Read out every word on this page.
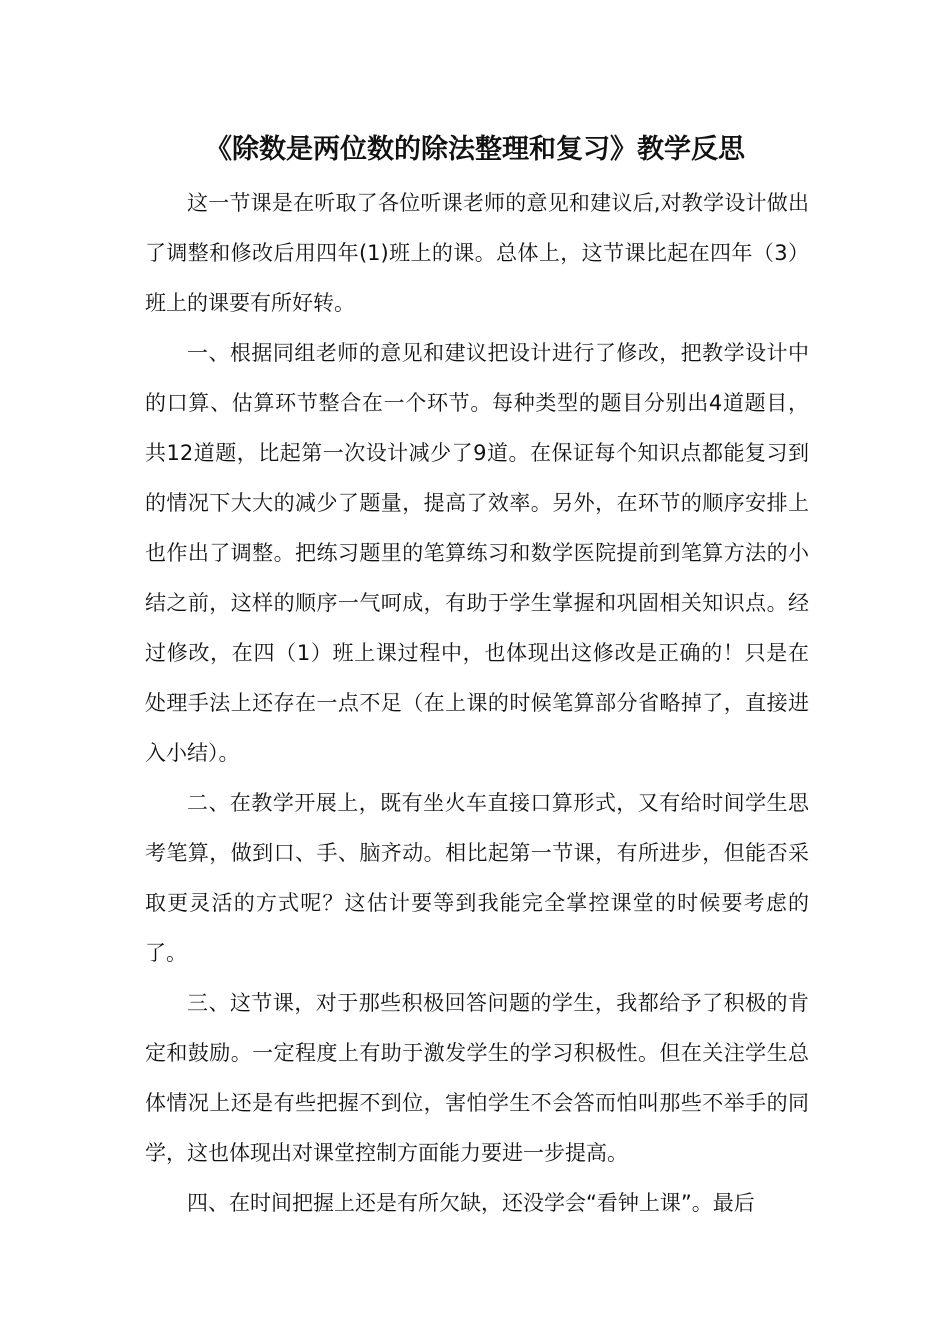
《除数是两位数的除法整理和复习》教学反思

这一节课是在听取了各位听课老师的意见和建议后,对教学设计做出了调整和修改后用四年(1)班上的课。总体上，这节课比起在四年（3）班上的课要有所好转。

一、根据同组老师的意见和建议把设计进行了修改，把教学设计中的口算、估算环节整合在一个环节。每种类型的题目分别出4道题目，共12道题，比起第一次设计减少了9道。在保证每个知识点都能复习到的情况下大大的减少了题量，提高了效率。另外，在环节的顺序安排上也作出了调整。把练习题里的笔算练习和数学医院提前到笔算方法的小结之前，这样的顺序一气呵成，有助于学生掌握和巩固相关知识点。经过修改，在四（1）班上课过程中，也体现出这修改是正确的！只是在处理手法上还存在一点不足（在上课的时候笔算部分省略掉了，直接进入小结）。

二、在教学开展上，既有坐火车直接口算形式，又有给时间学生思考笔算，做到口、手、脑齐动。相比起第一节课，有所进步，但能否采取更灵活的方式呢？这估计要等到我能完全掌控课堂的时候要考虑的了。

三、这节课，对于那些积极回答问题的学生，我都给予了积极的肯定和鼓励。一定程度上有助于激发学生的学习积极性。但在关注学生总体情况上还是有些把握不到位，害怕学生不会答而怕叫那些不举手的同学，这也体现出对课堂控制方面能力要进一步提高。

四、在时间把握上还是有所欠缺，还没学会“看钟上课”。最后
